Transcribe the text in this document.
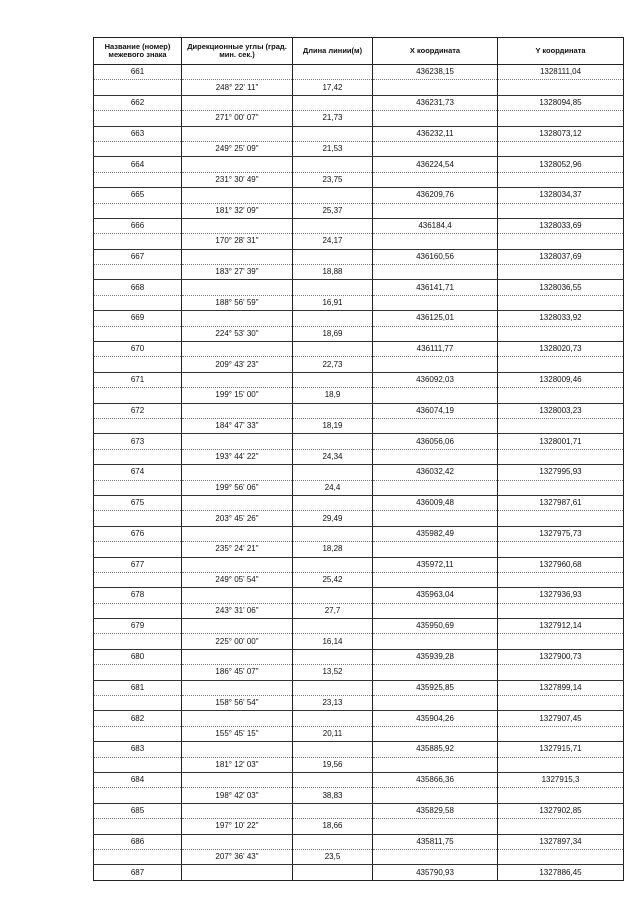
Название (номер) межевого знака	Дирекционные углы (град. мин. сек.)	Длина линии(м)	X координата	Y координата
661			436238,15	1328111,04
	248° 22' 11"	17,42		
662			436231,73	1328094,85
	271° 00' 07"	21,73		
663			436232,11	1328073,12
	249° 25' 09"	21,53		
664			436224,54	1328052,96
	231° 30' 49"	23,75		
665			436209,76	1328034,37
	181° 32' 09"	25,37		
666			436184,4	1328033,69
	170° 28' 31"	24,17		
667			436160,56	1328037,69
	183° 27' 39"	18,88		
668			436141,71	1328036,55
	188° 56' 59"	16,91		
669			436125,01	1328033,92
	224° 53' 30"	18,69		
670			436111,77	1328020,73
	209° 43' 23"	22,73		
671			436092,03	1328009,46
	199° 15' 00"	18,9		
672			436074,19	1328003,23
	184° 47' 33"	18,19		
673			436056,06	1328001,71
	193° 44' 22"	24,34		
674			436032,42	1327995,93
	199° 56' 06"	24,4		
675			436009,48	1327987,61
	203° 45' 26"	29,49		
676			435982,49	1327975,73
	235° 24' 21"	18,28		
677			435972,11	1327960,68
	249° 05' 54"	25,42		
678			435963,04	1327936,93
	243° 31' 06"	27,7		
679			435950,69	1327912,14
	225° 00' 00"	16,14		
680			435939,28	1327900,73
	186° 45' 07"	13,52		
681			435925,85	1327899,14
	158° 56' 54"	23,13		
682			435904,26	1327907,45
	155° 45' 15"	20,11		
683			435885,92	1327915,71
	181° 12' 03"	19,56		
684			435866,36	1327915,3
	198° 42' 03"	38,83		
685			435829,58	1327902,85
	197° 10' 22"	18,66		
686			435811,75	1327897,34
	207° 36' 43"	23,5		
687			435790,93	1327886,45
